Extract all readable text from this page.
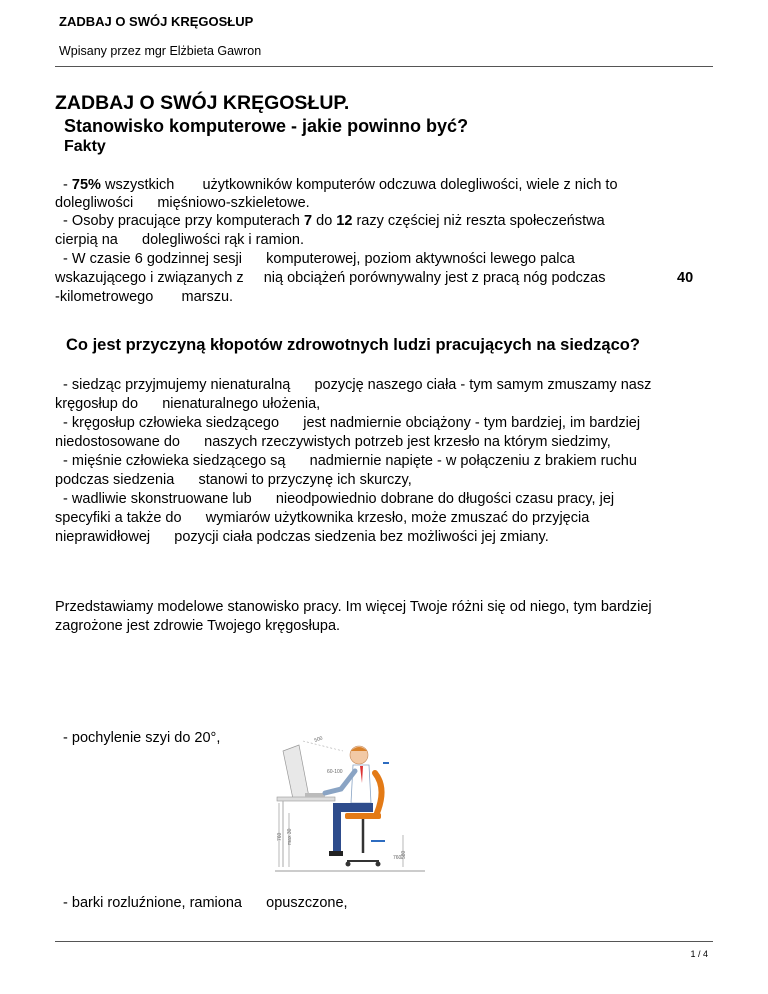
ZADBAJ O SWÓJ KRĘGOSŁUP
Wpisany przez mgr Elżbieta Gawron
ZADBAJ O SWÓJ KRĘGOSŁUP.
Stanowisko komputerowe - jakie powinno być?
Fakty
- 75% wszystkich       użytkowników komputerów odczuwa dolegliwości, wiele z nich to
dolegliwości      mięśniowo-szkieletowe.
- Osoby pracujące przy komputerach 7 do 12 razy częściej niż reszta społeczeństwa
cierpią na      dolegliwości rąk i ramion.
- W czasie 6 godzinnej sesji      komputerowej, poziom aktywności lewego palca
wskazującego i związanych z     nią obciążeń porównywalny jest z pracą nóg podczas	40
-kilometrowego       marszu.
Co jest przyczyną kłopotów zdrowotnych ludzi pracujących na siedząco?
- siedząc przyjmujemy nienaturalną      pozycję naszego ciała - tym samym zmuszamy nasz
kręgosłup do      nienaturalnego ułożenia,
- kręgosłup człowieka siedzącego      jest nadmiernie obciążony - tym bardziej, im bardziej
niedostosowane do      naszych rzeczywistych potrzeb jest krzesło na którym siedzimy,
- mięśnie człowieka siedzącego są      nadmiernie napięte - w połączeniu z brakiem ruchu
podczas siedzenia      stanowi to przyczynę ich skurczy,
- wadliwie skonstruowane lub      nieodpowiednio dobrane do długości czasu pracy, jej
specyfiki a także do      wymiarów użytkownika krzesło, może zmuszać do przyjęcia
nieprawidłowej      pozycji ciała podczas siedzenia bez możliwości jej zmiany.
Przedstawiamy modelowe stanowisko pracy. Im więcej Twoje różni się od niego, tym bardziej
zagrożone jest zdrowie Twojego kręgosłupa.
- pochylenie szyi do 20°,
760 max 30
580
500
60-100
760
- barki rozluźnione, ramiona      opuszczone,
1 / 4
